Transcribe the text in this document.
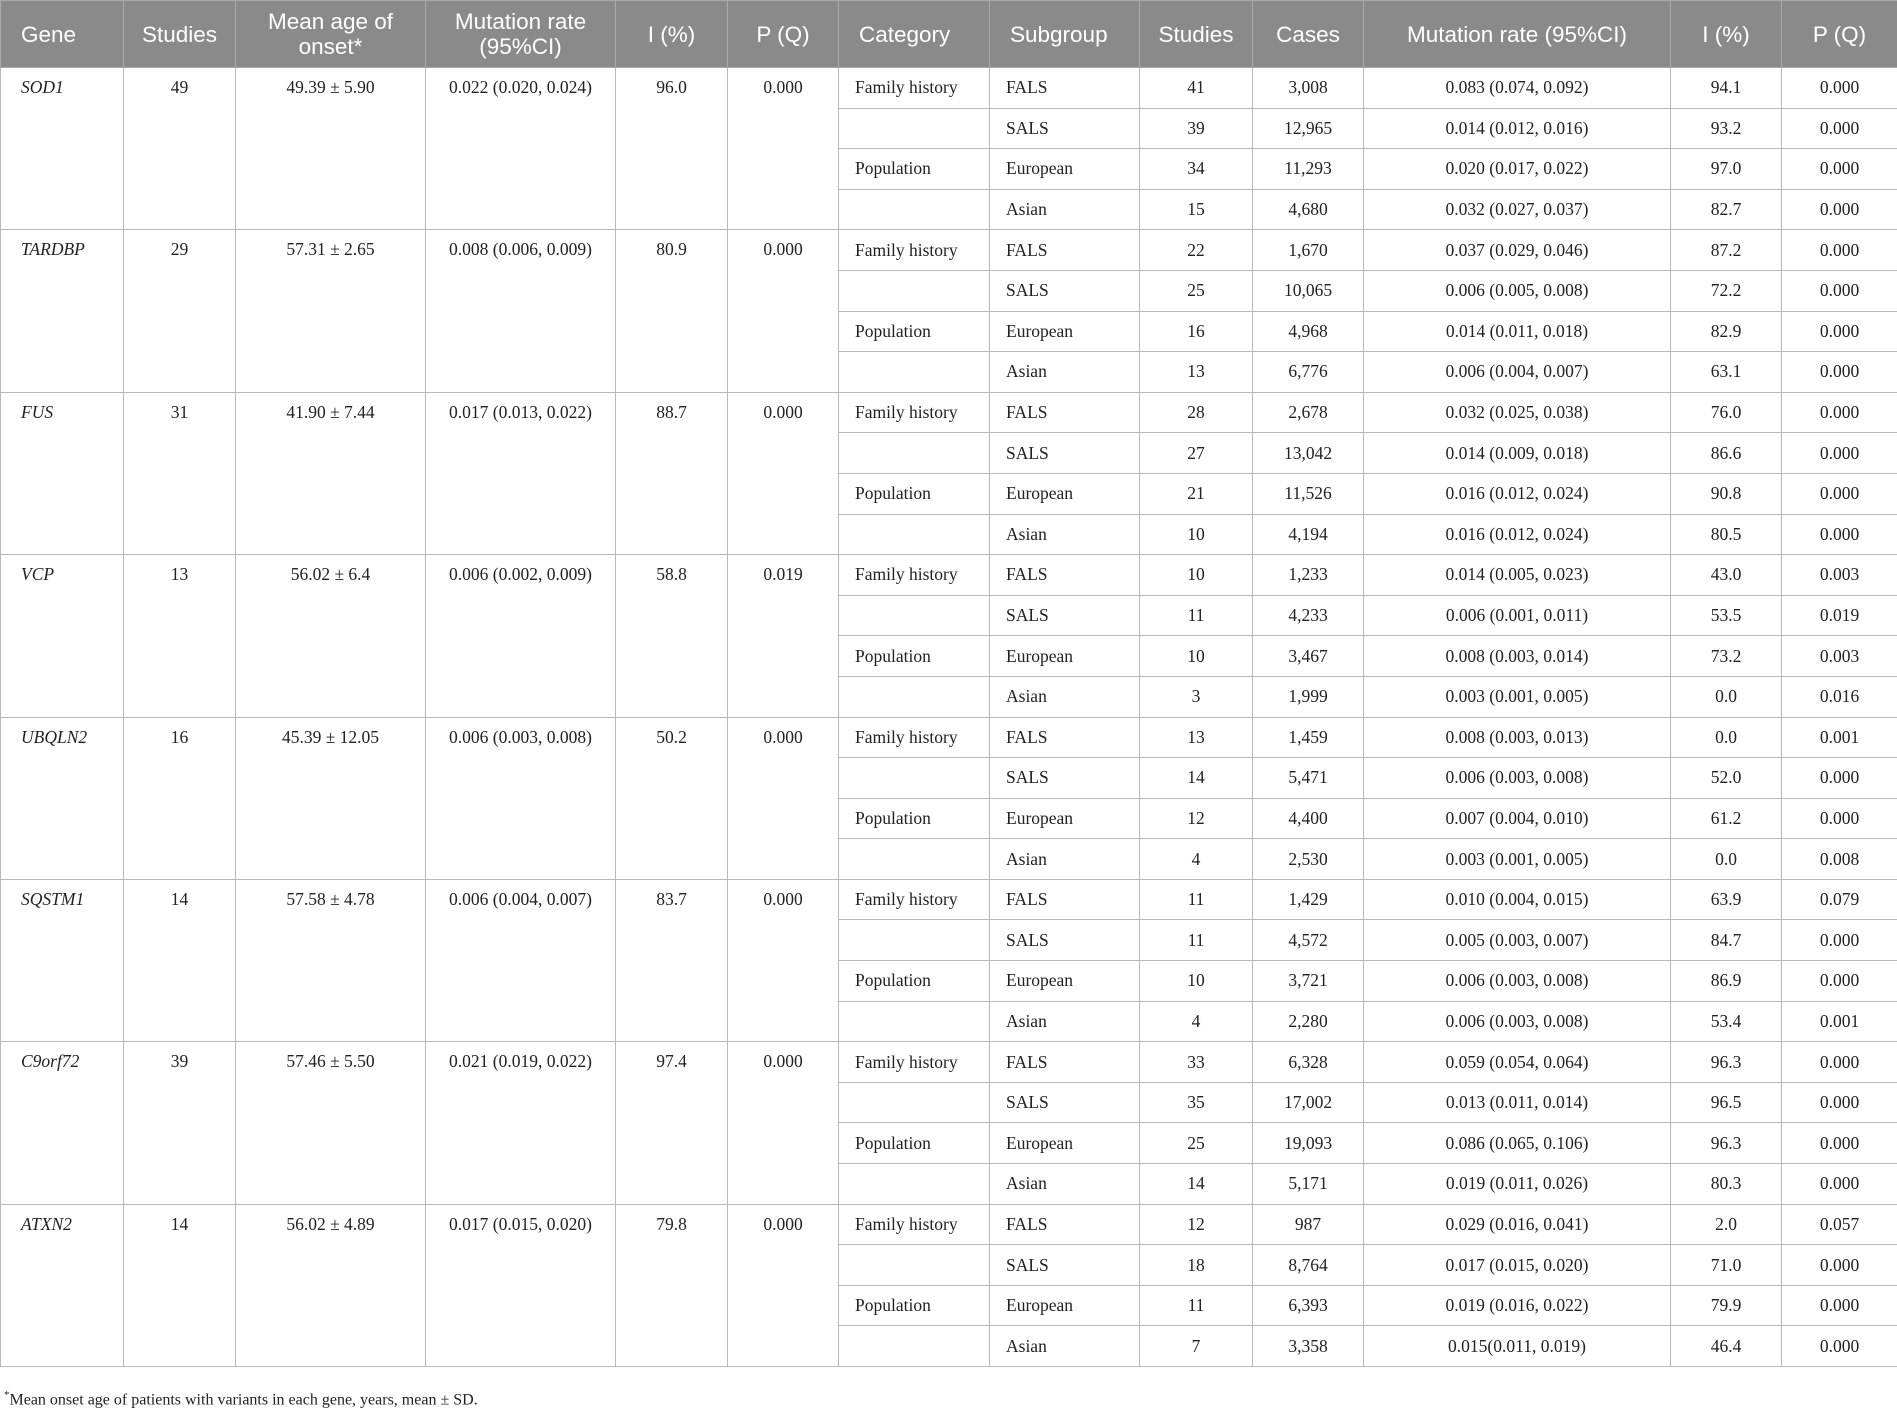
Gene	Studies	Mean age of onset*	Mutation rate (95%CI)	I (%)	P (Q)	Category	Subgroup	Studies	Cases	Mutation rate (95%CI)	I (%)	P (Q)
SOD1	49	49.39 ± 5.90	0.022 (0.020, 0.024)	96.0	0.000	Family history	FALS	41	3,008	0.083 (0.074, 0.092)	94.1	0.000
							SALS	39	12,965	0.014 (0.012, 0.016)	93.2	0.000
						Population	European	34	11,293	0.020 (0.017, 0.022)	97.0	0.000
							Asian	15	4,680	0.032 (0.027, 0.037)	82.7	0.000
TARDBP	29	57.31 ± 2.65	0.008 (0.006, 0.009)	80.9	0.000	Family history	FALS	22	1,670	0.037 (0.029, 0.046)	87.2	0.000
							SALS	25	10,065	0.006 (0.005, 0.008)	72.2	0.000
						Population	European	16	4,968	0.014 (0.011, 0.018)	82.9	0.000
							Asian	13	6,776	0.006 (0.004, 0.007)	63.1	0.000
FUS	31	41.90 ± 7.44	0.017 (0.013, 0.022)	88.7	0.000	Family history	FALS	28	2,678	0.032 (0.025, 0.038)	76.0	0.000
							SALS	27	13,042	0.014 (0.009, 0.018)	86.6	0.000
						Population	European	21	11,526	0.016 (0.012, 0.024)	90.8	0.000
							Asian	10	4,194	0.016 (0.012, 0.024)	80.5	0.000
VCP	13	56.02 ± 6.4	0.006 (0.002, 0.009)	58.8	0.019	Family history	FALS	10	1,233	0.014 (0.005, 0.023)	43.0	0.003
							SALS	11	4,233	0.006 (0.001, 0.011)	53.5	0.019
						Population	European	10	3,467	0.008 (0.003, 0.014)	73.2	0.003
							Asian	3	1,999	0.003 (0.001, 0.005)	0.0	0.016
UBQLN2	16	45.39 ± 12.05	0.006 (0.003, 0.008)	50.2	0.000	Family history	FALS	13	1,459	0.008 (0.003, 0.013)	0.0	0.001
							SALS	14	5,471	0.006 (0.003, 0.008)	52.0	0.000
						Population	European	12	4,400	0.007 (0.004, 0.010)	61.2	0.000
							Asian	4	2,530	0.003 (0.001, 0.005)	0.0	0.008
SQSTM1	14	57.58 ± 4.78	0.006 (0.004, 0.007)	83.7	0.000	Family history	FALS	11	1,429	0.010 (0.004, 0.015)	63.9	0.079
							SALS	11	4,572	0.005 (0.003, 0.007)	84.7	0.000
						Population	European	10	3,721	0.006 (0.003, 0.008)	86.9	0.000
							Asian	4	2,280	0.006 (0.003, 0.008)	53.4	0.001
C9orf72	39	57.46 ± 5.50	0.021 (0.019, 0.022)	97.4	0.000	Family history	FALS	33	6,328	0.059 (0.054, 0.064)	96.3	0.000
							SALS	35	17,002	0.013 (0.011, 0.014)	96.5	0.000
						Population	European	25	19,093	0.086 (0.065, 0.106)	96.3	0.000
							Asian	14	5,171	0.019 (0.011, 0.026)	80.3	0.000
ATXN2	14	56.02 ± 4.89	0.017 (0.015, 0.020)	79.8	0.000	Family history	FALS	12	987	0.029 (0.016, 0.041)	2.0	0.057
							SALS	18	8,764	0.017 (0.015, 0.020)	71.0	0.000
						Population	European	11	6,393	0.019 (0.016, 0.022)	79.9	0.000
							Asian	7	3,358	0.015(0.011, 0.019)	46.4	0.000
*Mean onset age of patients with variants in each gene, years, mean ± SD.
